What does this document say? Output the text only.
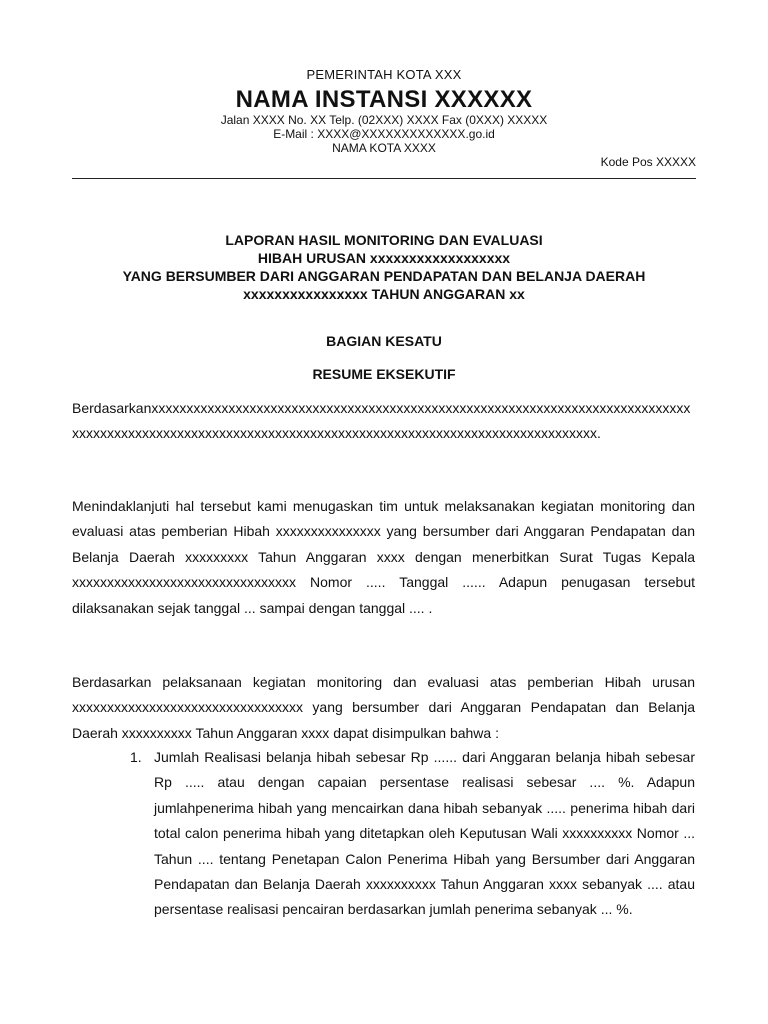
PEMERINTAH KOTA XXX
NAMA INSTANSI XXXXXX
Jalan XXXX No. XX Telp. (02XXX) XXXX Fax (0XXX) XXXXX
E-Mail : XXXX@XXXXXXXXXXXXX.go.id
NAMA KOTA XXXX
Kode Pos XXXXX
LAPORAN HASIL MONITORING DAN EVALUASI
HIBAH URUSAN xxxxxxxxxxxxxxxxxx
YANG BERSUMBER DARI ANGGARAN PENDAPATAN DAN BELANJA DAERAH
xxxxxxxxxxxxxxxx TAHUN ANGGARAN xx
BAGIAN KESATU
RESUME EKSEKUTIF
Berdasarkanxxxxxxxxxxxxxxxxxxxxxxxxxxxxxxxxxxxxxxxxxxxxxxxxxxxxxxxxxxxxxxxxxxxxxxxxxxxxxxxxxxxxxxxxxxxxxxxxxxxxxxxxxxxxxxxxxxxxxxxxxxxxxxxxxxxxxxxxxxxxxxxxxxxxxxxx.
Menindaklanjuti hal tersebut kami menugaskan tim untuk melaksanakan kegiatan monitoring dan evaluasi atas pemberian Hibah xxxxxxxxxxxxxxx yang bersumber dari Anggaran Pendapatan dan Belanja Daerah xxxxxxxxx Tahun Anggaran xxxx dengan menerbitkan Surat Tugas Kepala xxxxxxxxxxxxxxxxxxxxxxxxxxxxxxxx Nomor ..... Tanggal ...... Adapun penugasan tersebut dilaksanakan sejak tanggal ... sampai dengan tanggal .... .
Berdasarkan pelaksanaan kegiatan monitoring dan evaluasi atas pemberian Hibah urusan xxxxxxxxxxxxxxxxxxxxxxxxxxxxxxxxx yang bersumber dari Anggaran Pendapatan dan Belanja Daerah xxxxxxxxxx Tahun Anggaran xxxx dapat disimpulkan bahwa :
1. Jumlah Realisasi belanja hibah sebesar Rp ...... dari Anggaran belanja hibah sebesar Rp ..... atau dengan capaian persentase realisasi sebesar .... %. Adapun jumlahpenerima hibah yang mencairkan dana hibah sebanyak ..... penerima hibah dari total calon penerima hibah yang ditetapkan oleh Keputusan Wali xxxxxxxxxx Nomor ... Tahun .... tentang Penetapan Calon Penerima Hibah yang Bersumber dari Anggaran Pendapatan dan Belanja Daerah xxxxxxxxxx Tahun Anggaran xxxx sebanyak .... atau persentase realisasi pencairan berdasarkan jumlah penerima sebanyak ... %.
